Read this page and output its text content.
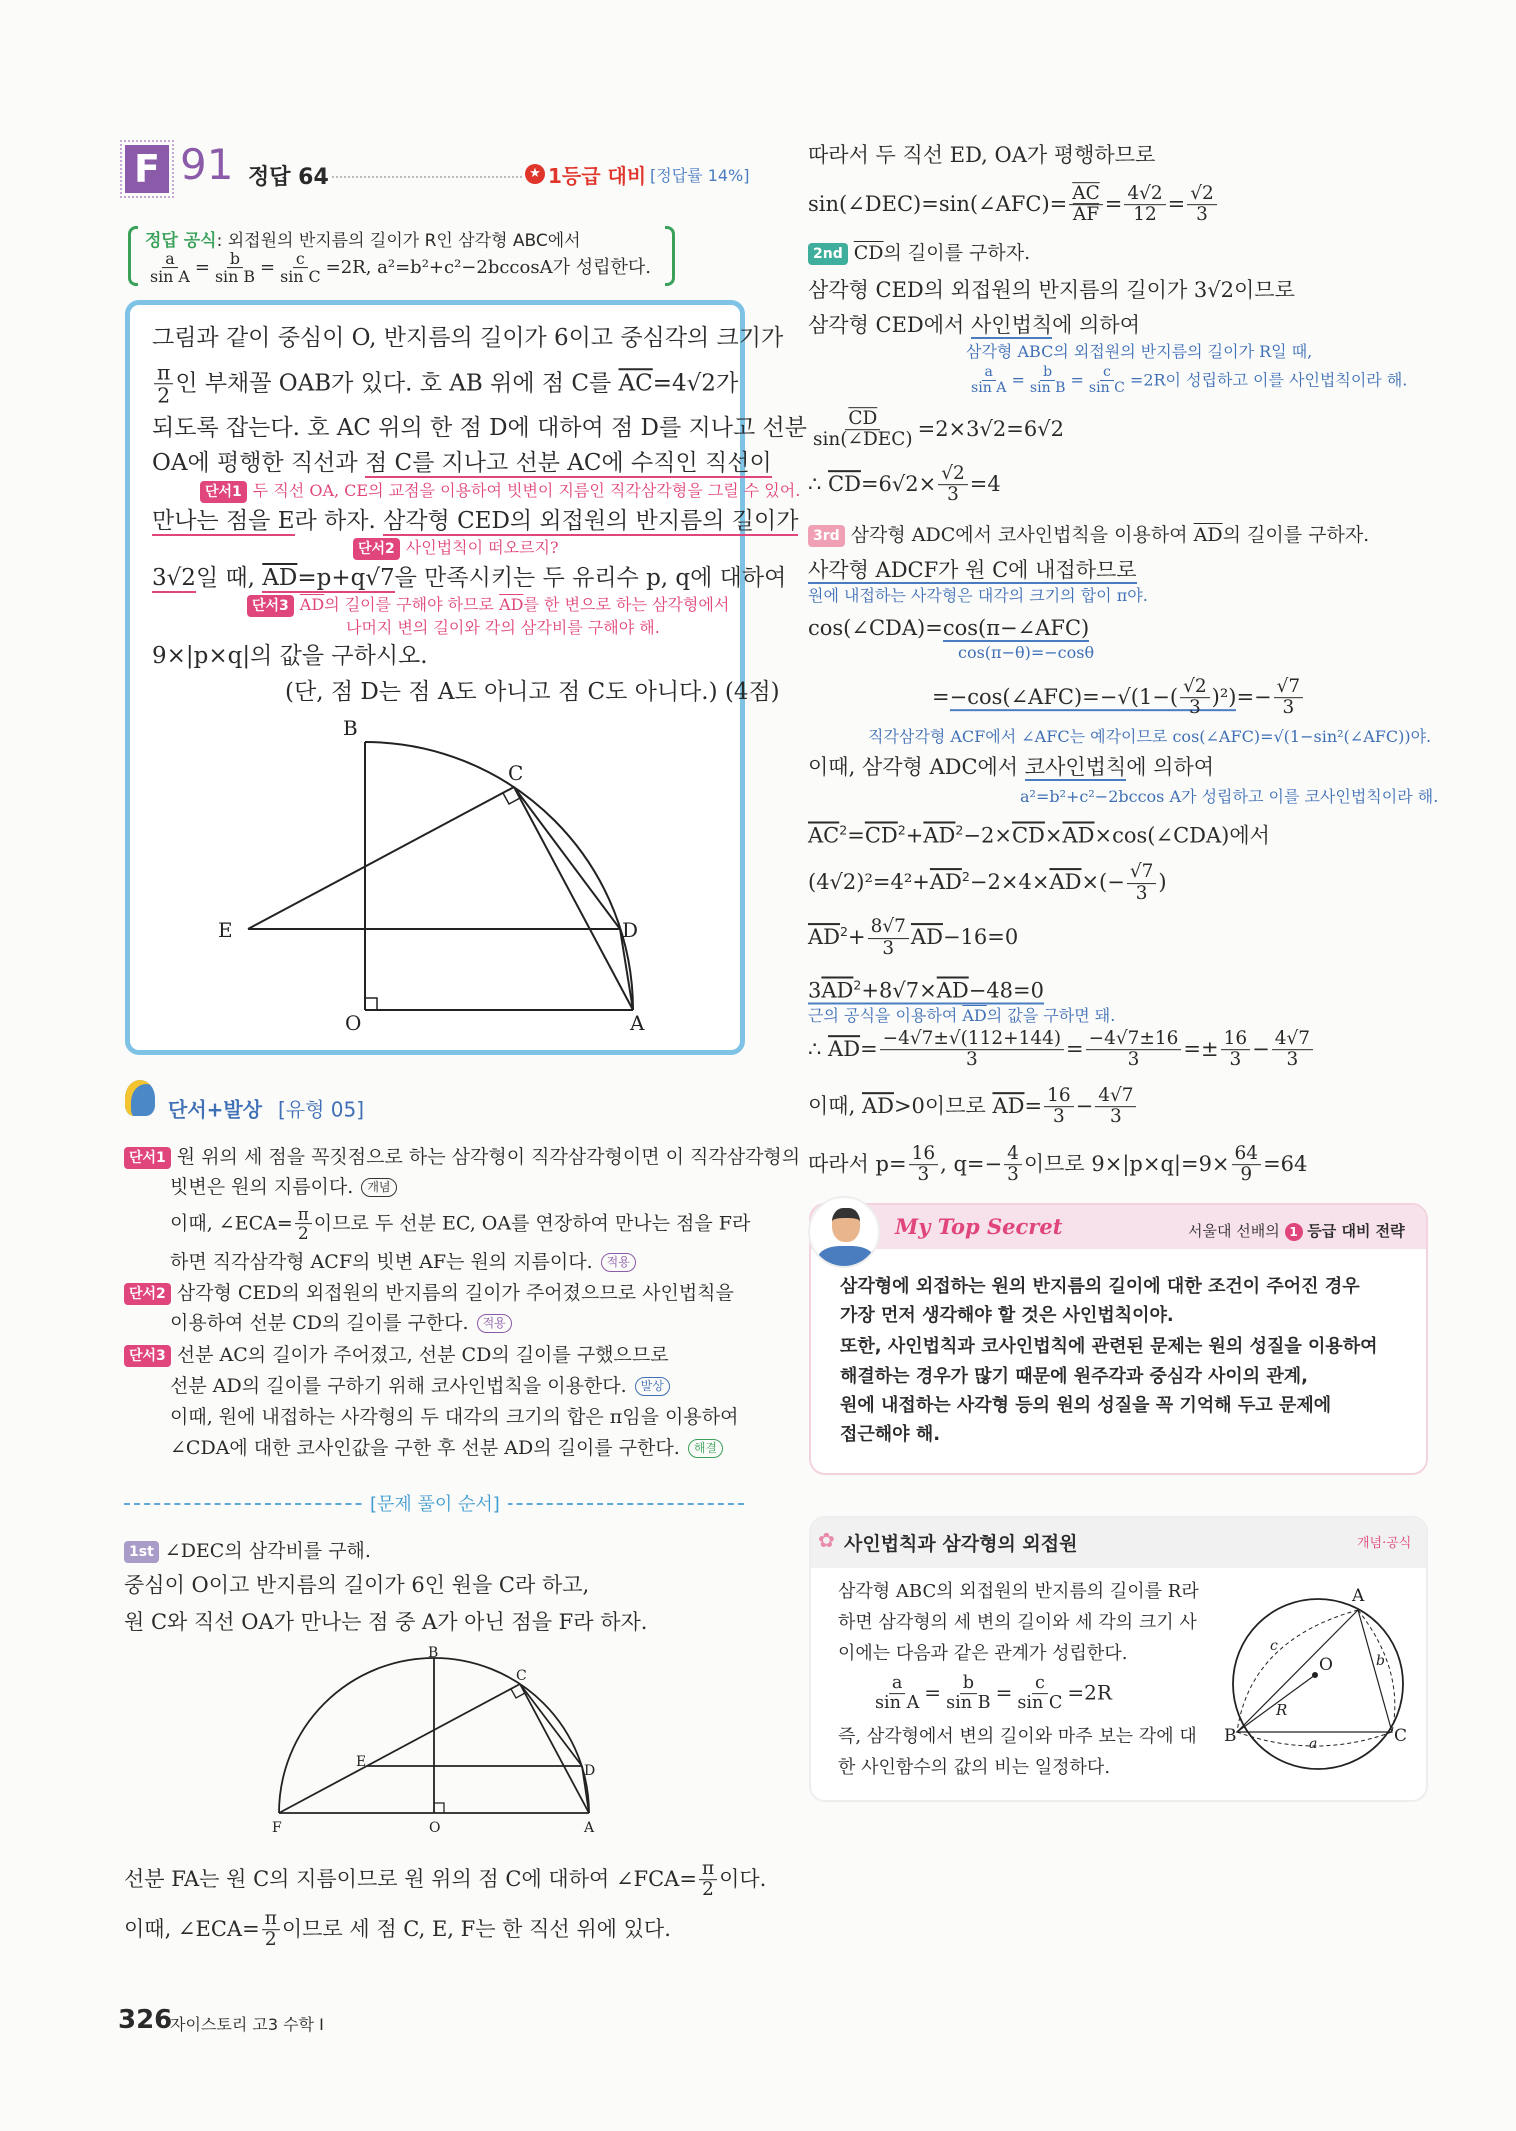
F 91 정답 64	★ 1등급 대비 [정답률 14%]
정답 공식: 외접원의 반지름의 길이가 R인 삼각형 ABC에서
$\frac{a}{\text{sin A}} = \frac{b}{\text{sin B}} = \frac{c}{\text{sin C}} =2R$, a²=b²+c²−2bccosA가 성립한다.
그림과 같이 중심이 O, 반지름의 길이가 6이고 중심각의 크기가
$\frac{\pi}{2}$ 인 부채꼴 OAB가 있다. 호 AB 위에 점 C를 $\overline{AC}=4√2$가
되도록 잡는다. 호 AC 위의 한 점 D에 대하여 점 D를 지나고 선분
OA에 평행한 직선과 점 C를 지나고 선분 AC에 수직인 직선이
단서1 두 직선 OA, CE의 교점을 이용하여 빗변이 지름인 직각삼각형을 그릴 수 있어.
만나는 점을 E라 하자. 삼각형 CED의 외접원의 반지름의 길이가
단서2 사인법칙이 떠오르지?
3√2일 때, $\overline{AD}=p+q√7$을 만족시키는 두 유리수 p, q에 대하여
단서3 $\overline{AD}$의 길이를 구해야 하므로 $\overline{AD}$를 한 변으로 하는 삼각형에서
나머지 변의 길이와 각의 삼각비를 구해야 해.
9×|p×q|의 값을 구하시오.
(단, 점 D는 점 A도 아니고 점 C도 아니다.) (4점)
B
C
E	D
O	A
단서+발상 [유형 05]
단서1 원 위의 세 점을 꼭짓점으로 하는 삼각형이 직각삼각형이면 이 직각삼각형의
빗변은 원의 지름이다. 개념
이때, ∠ECA= $\frac{\pi}{2}$ 이므로 두 선분 EC, OA를 연장하여 만나는 점을 F라
하면 직각삼각형 ACF의 빗변 AF는 원의 지름이다. 적용
단서2 삼각형 CED의 외접원의 반지름의 길이가 주어졌으므로 사인법칙을
이용하여 선분 CD의 길이를 구한다. 적용
단서3 선분 AC의 길이가 주어졌고, 선분 CD의 길이를 구했으므로
선분 AD의 길이를 구하기 위해 코사인법칙을 이용한다. 발상
이때, 원에 내접하는 사각형의 두 대각의 크기의 합은 π임을 이용하여
∠CDA에 대한 코사인값을 구한 후 선분 AD의 길이를 구한다. 해결
[문제 풀이 순서]
1st ∠DEC의 삼각비를 구해.
중심이 O이고 반지름의 길이가 6인 원을 C라 하고,
원 C와 직선 OA가 만나는 점 중 A가 아닌 점을 F라 하자.
B
C
E
D
F	O	A
선분 FA는 원 C의 지름이므로 원 위의 점 C에 대하여 ∠FCA= $\frac{\pi}{2}$ 이다.
이때, ∠ECA= $\frac{\pi}{2}$ 이므로 세 점 C, E, F는 한 직선 위에 있다.
326
자이스토리 고3 수학 I
따라서 두 직선 ED, OA가 평행하므로
sin(∠DEC)=sin(∠AFC)= $\frac{\overline{AC}}{AF} = \frac{4√2}{12} = \frac{√2}{3}$
2nd $\overline{CD}$의 길이를 구하자.
삼각형 CED의 외접원의 반지름의 길이가 3√2이므로
삼각형 CED에서 사인법칙에 의하여
삼각형 ABC의 외접원의 반지름의 길이가 R일 때,
$\frac{a}{\text{sin A}} = \frac{b}{\text{sin B}} = \frac{c}{\text{sin C}} =2R$이 성립하고 이를 사인법칙이라 해.
$\frac{\overline{CD}}{\text{sin(∠DEC)}} =2\times 3√2=6√2$
∴ $\overline{CD}=6√2\times \frac{√2}{3} =4$
3rd 삼각형 ADC에서 코사인법칙을 이용하여 $\overline{AD}$의 길이를 구하자.
사각형 ADCF가 원 C에 내접하므로
원에 내접하는 사각형은 대각의 크기의 합이 π야.
cos(∠CDA)=cos(π−∠AFC)
cos(π−θ)=−cosθ
=−cos(∠AFC)=−√(1−( $\frac{√2}{3} )^2)=- \frac{√7}{3}$
직각삼각형 ACF에서 ∠AFC는 예각이므로 cos(∠AFC)=√(1−sin²(∠AFC))야.
이때, 삼각형 ADC에서 코사인법칙에 의하여
a²=b²+c²−2bccos A가 성립하고 이를 코사인법칙이라 해.
$\overline{AC}^2=\overline{CD}^2+\overline{AD}^2-2\times\overline{CD}\times\overline{AD}\times\cos(\angle CDA)$에서
$(4√2)^2=4^2+\overline{AD}^2-2\times 4\times\overline{AD}\times(- \frac{√7}{3}$ )
$\overline{AD}^2+ \frac{8√7}{3} \overline{AD}-16=0$
$3\overline{AD}^2+8√7\times\overline{AD}-48=0$
근의 공식을 이용하여 $\overline{AD}$의 값을 구하면 돼.
∴ $\overline{AD}= \frac{-4√7\pm√(112+144)}{3} = \frac{-4√7\pm 16}{3} =\pm \frac{16}{3} - \frac{4√7}{3}$
이때, $\overline{AD}>0$이므로 $\overline{AD}= \frac{16}{3} - \frac{4√7}{3}$
따라서 $p= \frac{16}{3}$ , $q=- \frac{4}{3}$ 이므로 $9\times|p\times q|=9\times \frac{64}{9} =64$
My Top Secret	서울대 선배의 1 등급 대비 전략
삼각형에 외접하는 원의 반지름의 길이에 대한 조건이 주어진 경우
가장 먼저 생각해야 할 것은 사인법칙이야.
또한, 사인법칙과 코사인법칙에 관련된 문제는 원의 성질을 이용하여
해결하는 경우가 많기 때문에 원주각과 중심각 사이의 관계,
원에 내접하는 사각형 등의 원의 성질을 꼭 기억해 두고 문제에
접근해야 해.
✿ 사인법칙과 삼각형의 외접원	개념·공식
삼각형 ABC의 외접원의 반지름의 길이를 R라
하면 삼각형의 세 변의 길이와 세 각의 크기 사
이에는 다음과 같은 관계가 성립한다.
$\frac{a}{\text{sin A}} = \frac{b}{\text{sin B}} = \frac{c}{\text{sin C}} =2R$
즉, 삼각형에서 변의 길이와 마주 보는 각에 대
한 사인함수의 값의 비는 일정하다.
A
B	C
O
a
b
c
R
